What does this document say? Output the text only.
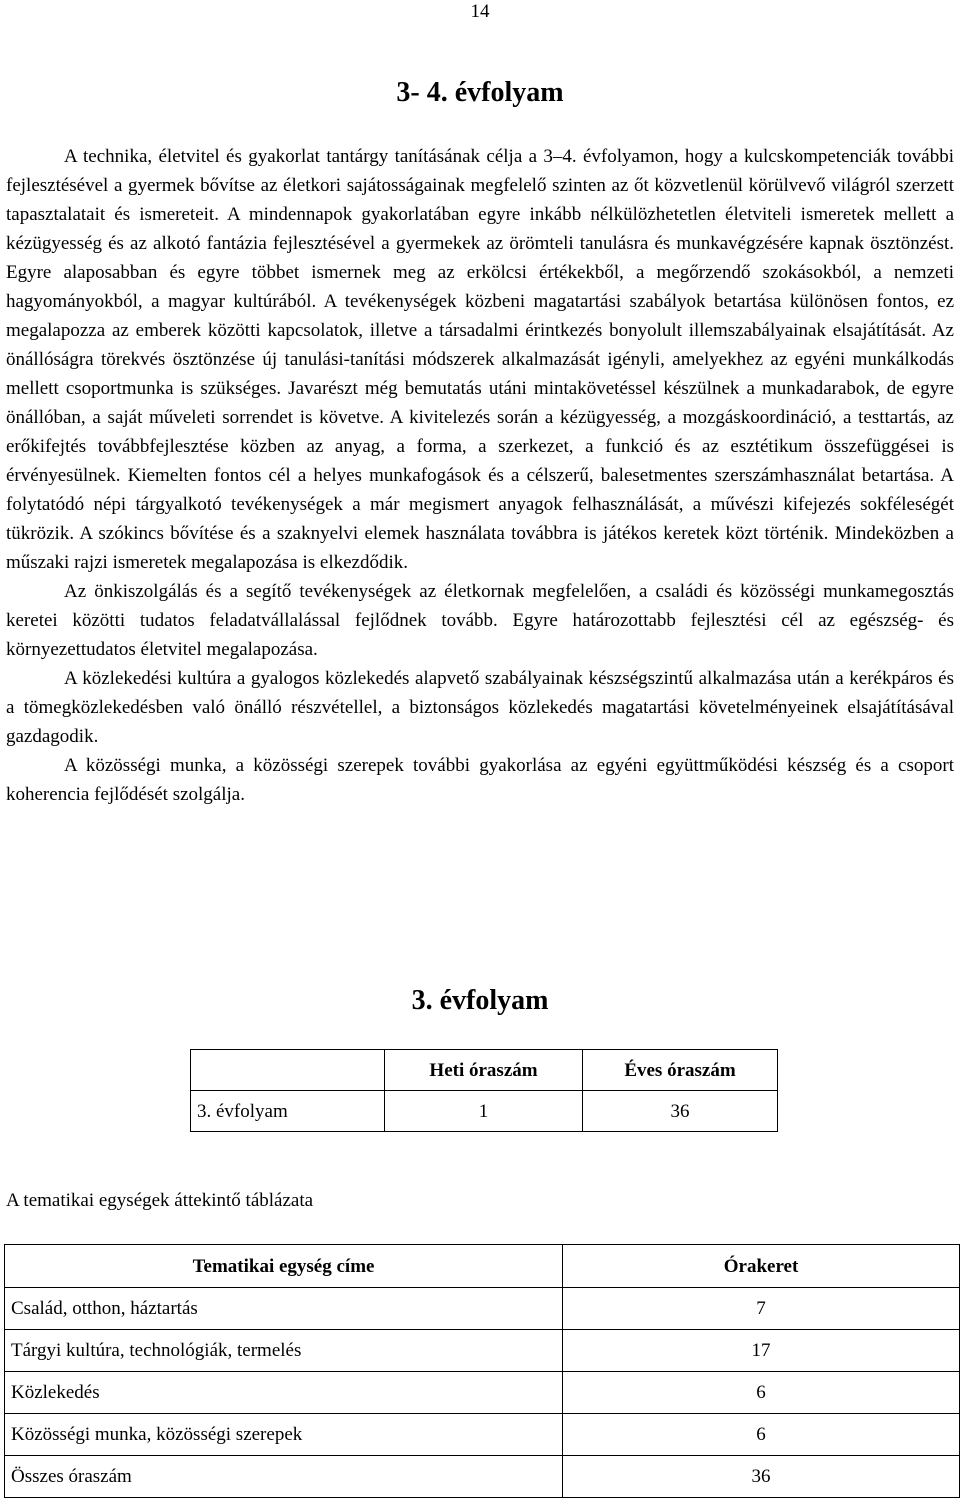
14
3- 4. évfolyam

A technika, életvitel és gyakorlat tantárgy tanításának célja a 3–4. évfolyamon, hogy a kulcskompetenciák további fejlesztésével a gyermek bővítse az életkori sajátosságainak megfelelő szinten az őt közvetlenül körülvevő világról szerzett tapasztalatait és ismereteit. A mindennapok gyakorlatában egyre inkább nélkülözhetetlen életviteli ismeretek mellett a kézügyesség és az alkotó fantázia fejlesztésével a gyermekek az örömteli tanulásra és munkavégzésére kapnak ösztönzést. Egyre alaposabban és egyre többet ismernek meg az erkölcsi értékekből, a megőrzendő szokásokból, a nemzeti hagyományokból, a magyar kultúrából. A tevékenységek közbeni magatartási szabályok betartása különösen fontos, ez megalapozza az emberek közötti kapcsolatok, illetve a társadalmi érintkezés bonyolult illemszabályainak elsajátítását. Az önállóságra törekvés ösztönzése új tanulási-tanítási módszerek alkalmazását igényli, amelyekhez az egyéni munkálkodás mellett csoportmunka is szükséges. Javarészt még bemutatás utáni mintakövetéssel készülnek a munkadarabok, de egyre önállóban, a saját műveleti sorrendet is követve. A kivitelezés során a kézügyesség, a mozgáskoordináció, a testtartás, az erőkifejtés továbbfejlesztése közben az anyag, a forma, a szerkezet, a funkció és az esztétikum összefüggései is érvényesülnek. Kiemelten fontos cél a helyes munkafogások és a célszerű, balesetmentes szerszámhasználat betartása. A folytatódó népi tárgyalkotó tevékenységek a már megismert anyagok felhasználását, a művészi kifejezés sokféleségét tükrözik. A szókincs bővítése és a szaknyelvi elemek használata továbbra is játékos keretek közt történik. Mindeközben a műszaki rajzi ismeretek megalapozása is elkezdődik.

Az önkiszolgálás és a segítő tevékenységek az életkornak megfelelően, a családi és közösségi munkamegosztás keretei közötti tudatos feladatvállalással fejlődnek tovább. Egyre határozottabb fejlesztési cél az egészség- és környezettudatos életvitel megalapozása.

A közlekedési kultúra a gyalogos közlekedés alapvető szabályainak készségszintű alkalmazása után a kerékpáros és a tömegközlekedésben való önálló részvétellel, a biztonságos közlekedés magatartási követelményeinek elsajátításával gazdagodik.

A közösségi munka, a közösségi szerepek további gyakorlása az egyéni együttműködési készség és a csoport koherencia fejlődését szolgálja.

3. évfolyam
	Heti óraszám	Éves óraszám
3. évfolyam	1	36
A tematikai egységek áttekintő táblázata
Tematikai egység címe	Órakeret
Család, otthon, háztartás	7
Tárgyi kultúra, technológiák, termelés	17
Közlekedés	6
Közösségi munka, közösségi szerepek	6
Összes óraszám	36
